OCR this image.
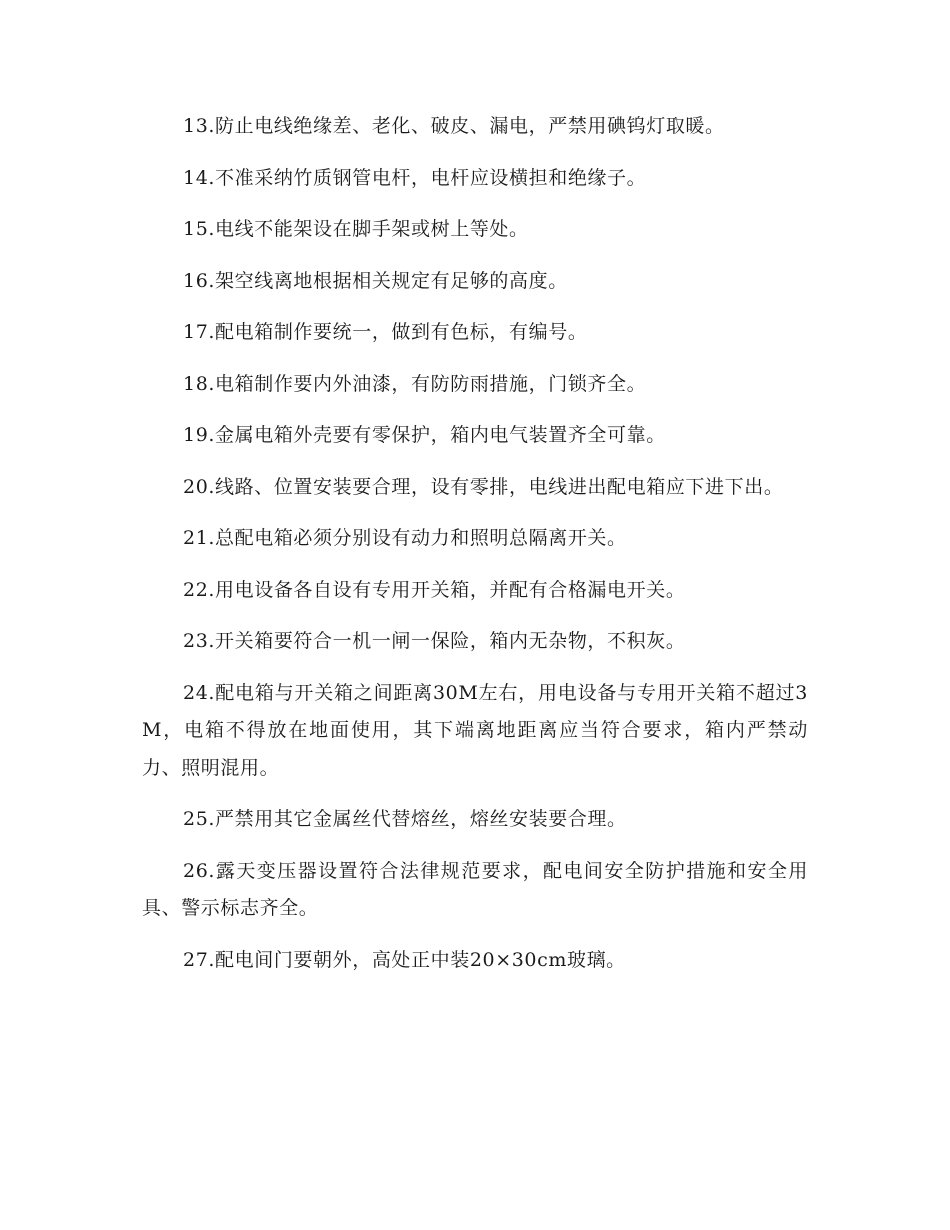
13.防止电线绝缘差、老化、破皮、漏电，严禁用碘钨灯取暖。

14.不准采纳竹质钢管电杆，电杆应设横担和绝缘子。

15.电线不能架设在脚手架或树上等处。

16.架空线离地根据相关规定有足够的高度。

17.配电箱制作要统一，做到有色标，有编号。

18.电箱制作要内外油漆，有防防雨措施，门锁齐全。

19.金属电箱外壳要有零保护，箱内电气装置齐全可靠。

20.线路、位置安装要合理，设有零排，电线进出配电箱应下进下出。

21.总配电箱必须分别设有动力和照明总隔离开关。

22.用电设备各自设有专用开关箱，并配有合格漏电开关。

23.开关箱要符合一机一闸一保险，箱内无杂物，不积灰。

24.配电箱与开关箱之间距离30M左右，用电设备与专用开关箱不超过3M，电箱不得放在地面使用，其下端离地距离应当符合要求，箱内严禁动力、照明混用。

25.严禁用其它金属丝代替熔丝，熔丝安装要合理。

26.露天变压器设置符合法律规范要求，配电间安全防护措施和安全用具、警示标志齐全。

27.配电间门要朝外，高处正中装20×30cm玻璃。
